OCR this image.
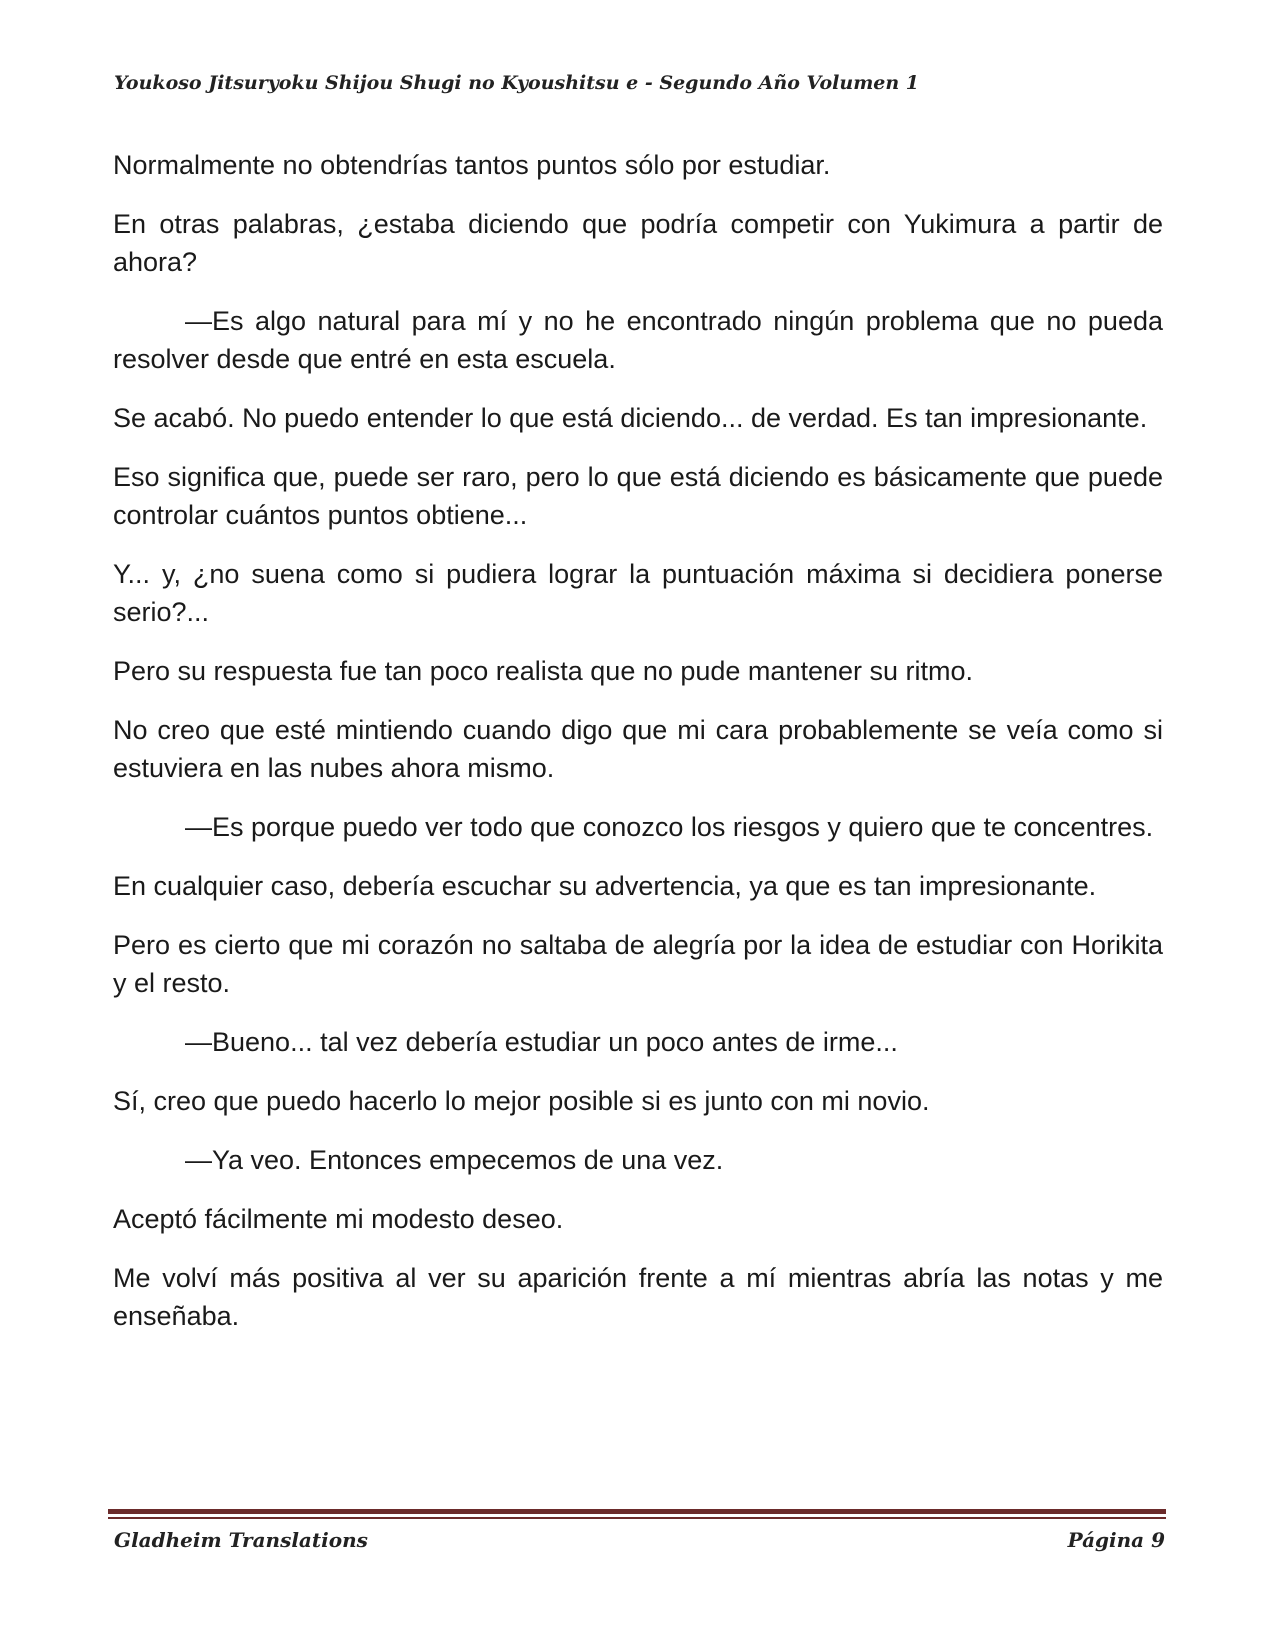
Youkoso Jitsuryoku Shijou Shugi no Kyoushitsu e - Segundo Año Volumen 1

Normalmente no obtendrías tantos puntos sólo por estudiar.

En otras palabras, ¿estaba diciendo que podría competir con Yukimura a partir de ahora?

—Es algo natural para mí y no he encontrado ningún problema que no pueda resolver desde que entré en esta escuela.

Se acabó. No puedo entender lo que está diciendo... de verdad. Es tan impresionante.

Eso significa que, puede ser raro, pero lo que está diciendo es básicamente que puede controlar cuántos puntos obtiene...

Y... y, ¿no suena como si pudiera lograr la puntuación máxima si decidiera ponerse serio?...

Pero su respuesta fue tan poco realista que no pude mantener su ritmo.

No creo que esté mintiendo cuando digo que mi cara probablemente se veía como si estuviera en las nubes ahora mismo.

—Es porque puedo ver todo que conozco los riesgos y quiero que te concentres.

En cualquier caso, debería escuchar su advertencia, ya que es tan impresionante.

Pero es cierto que mi corazón no saltaba de alegría por la idea de estudiar con Horikita y el resto.

—Bueno... tal vez debería estudiar un poco antes de irme...

Sí, creo que puedo hacerlo lo mejor posible si es junto con mi novio.

—Ya veo. Entonces empecemos de una vez.

Aceptó fácilmente mi modesto deseo.

Me volví más positiva al ver su aparición frente a mí mientras abría las notas y me enseñaba.

Gladheim Translations	Página 9
